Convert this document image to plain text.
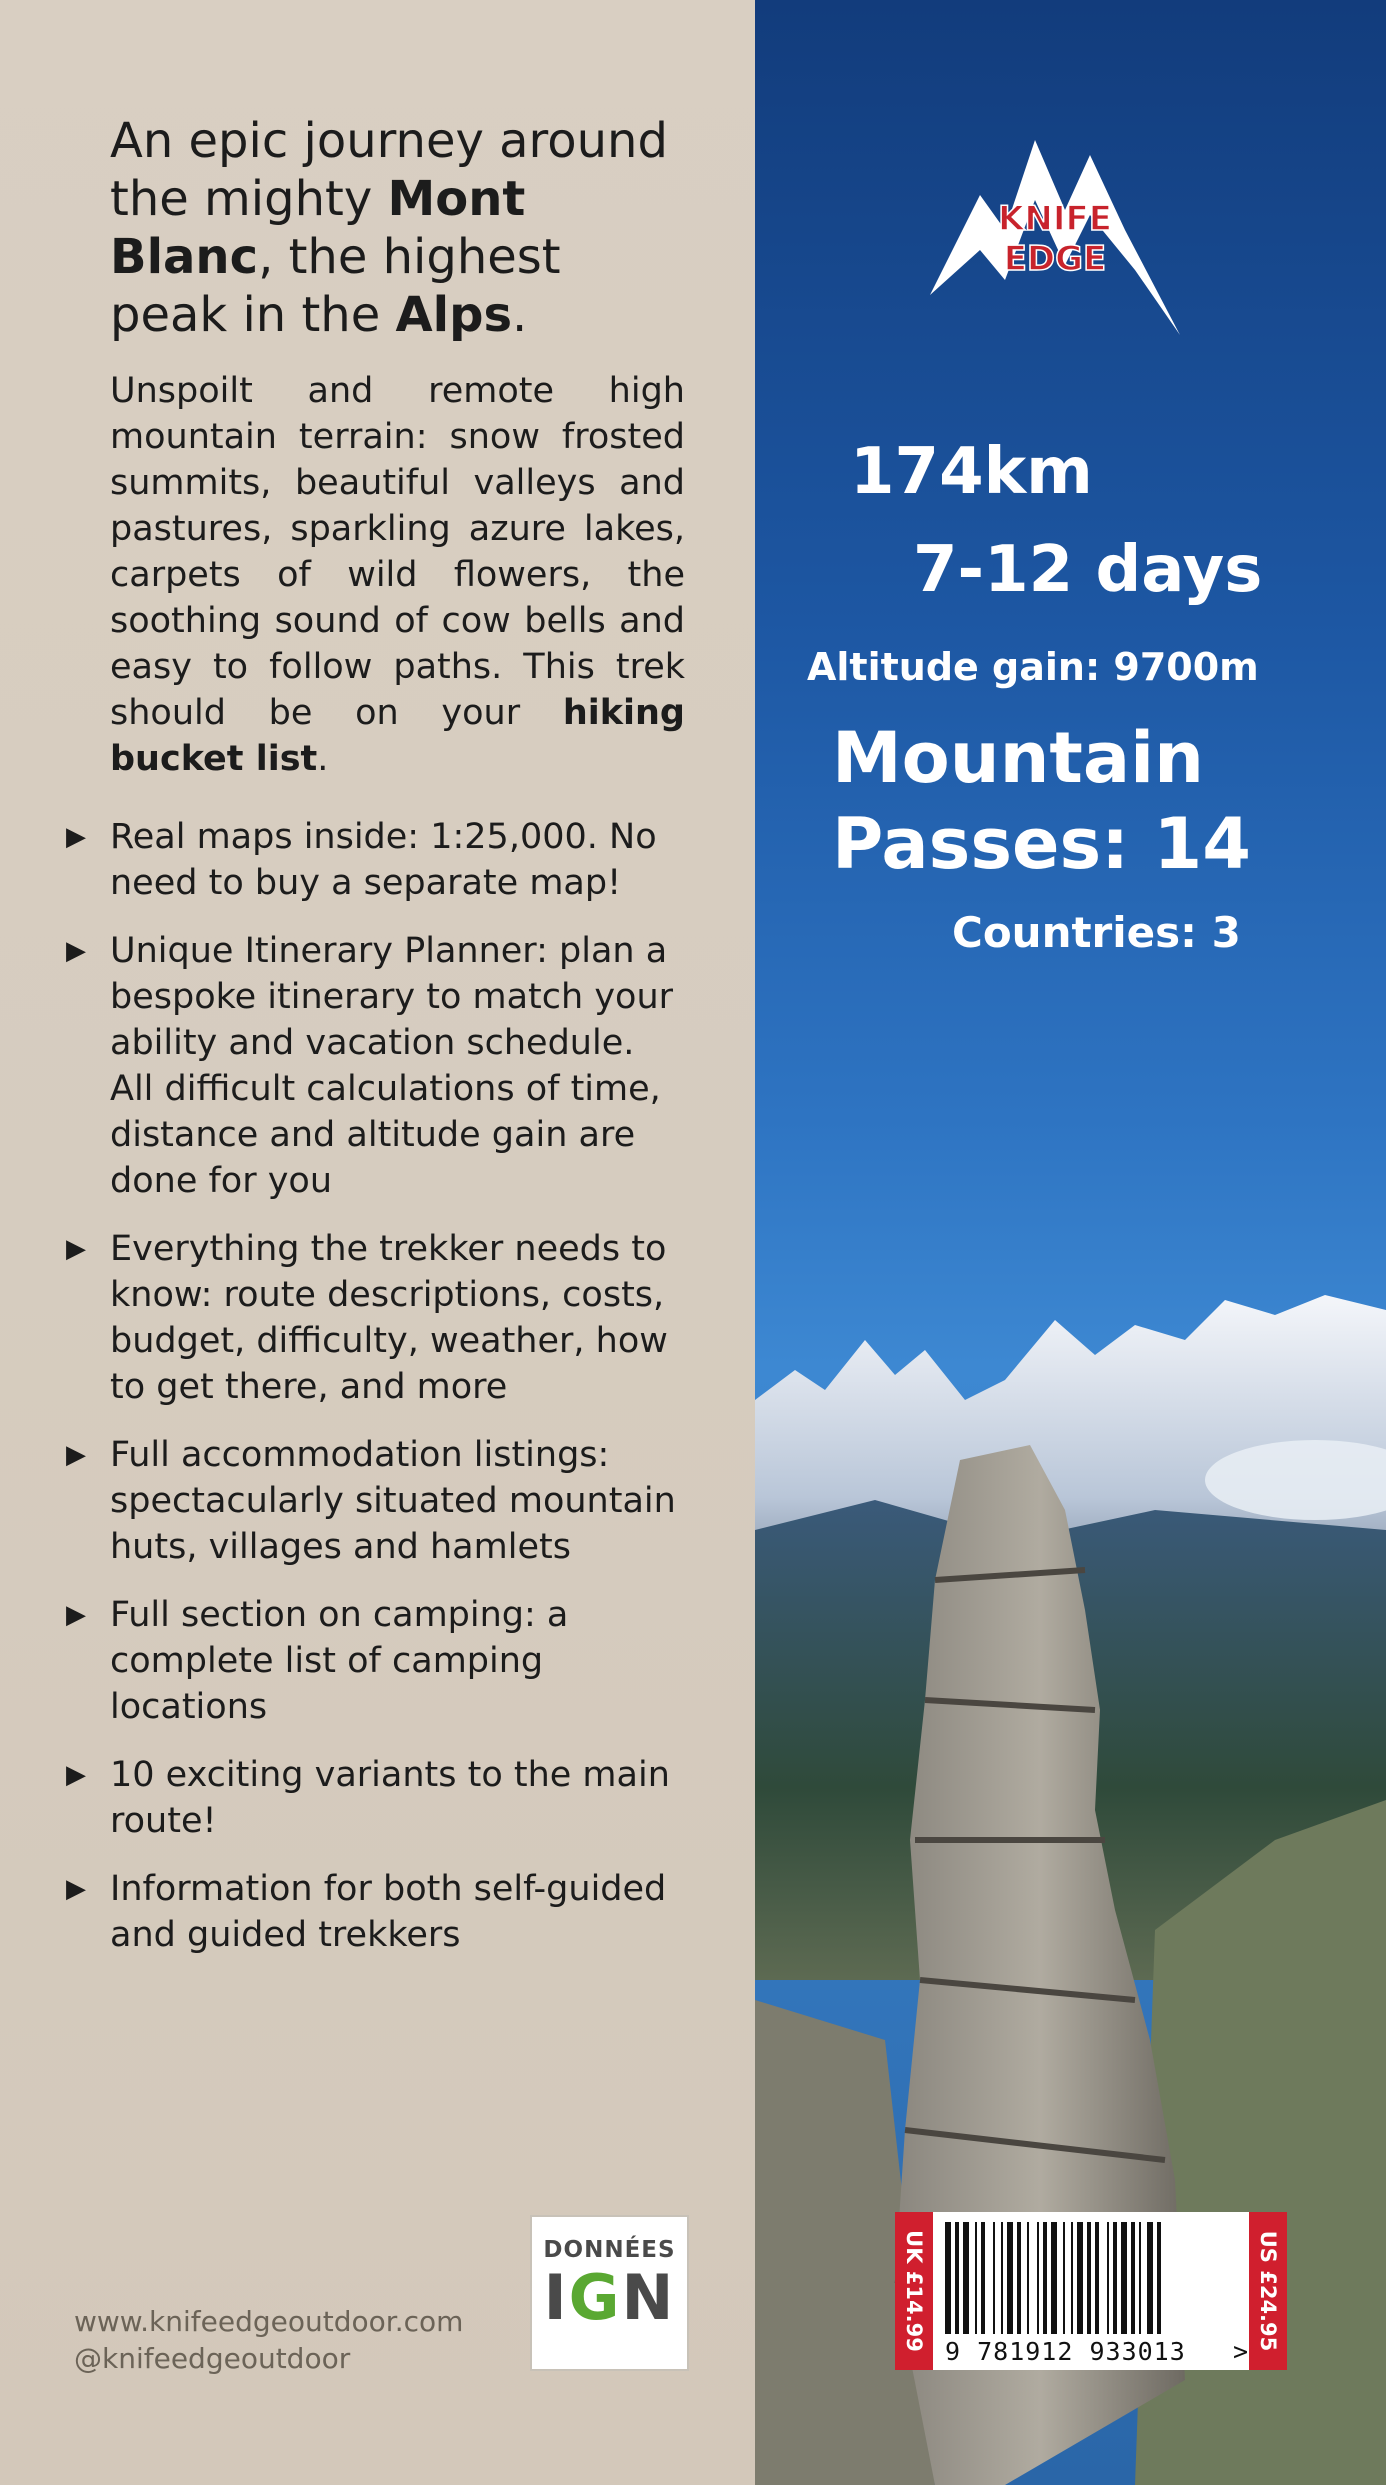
An epic journey around the mighty Mont Blanc, the highest peak in the Alps.

Unspoilt and remote high mountain terrain: snow frosted summits, beautiful valleys and pastures, sparkling azure lakes, carpets of wild flowers, the soothing sound of cow bells and easy to follow paths. This trek should be on your hiking bucket list.

▶ Real maps inside: 1:25,000. No need to buy a separate map!
▶ Unique Itinerary Planner: plan a bespoke itinerary to match your ability and vacation schedule. All difficult calculations of time, distance and altitude gain are done for you
▶ Everything the trekker needs to know: route descriptions, costs, budget, difficulty, weather, how to get there, and more
▶ Full accommodation listings: spectacularly situated mountain huts, villages and hamlets
▶ Full section on camping: a complete list of camping locations
▶ 10 exciting variants to the main route!
▶ Information for both self-guided and guided trekkers
www.knifeedgeoutdoor.com
@knifeedgeoutdoor
DONNÉES
IGN
KNIFE
EDGE
174km
7-12 days
Altitude gain: 9700m
Mountain
Passes: 14
Countries: 3
UK £14.99 9 781912 933013	>
US £24.95
